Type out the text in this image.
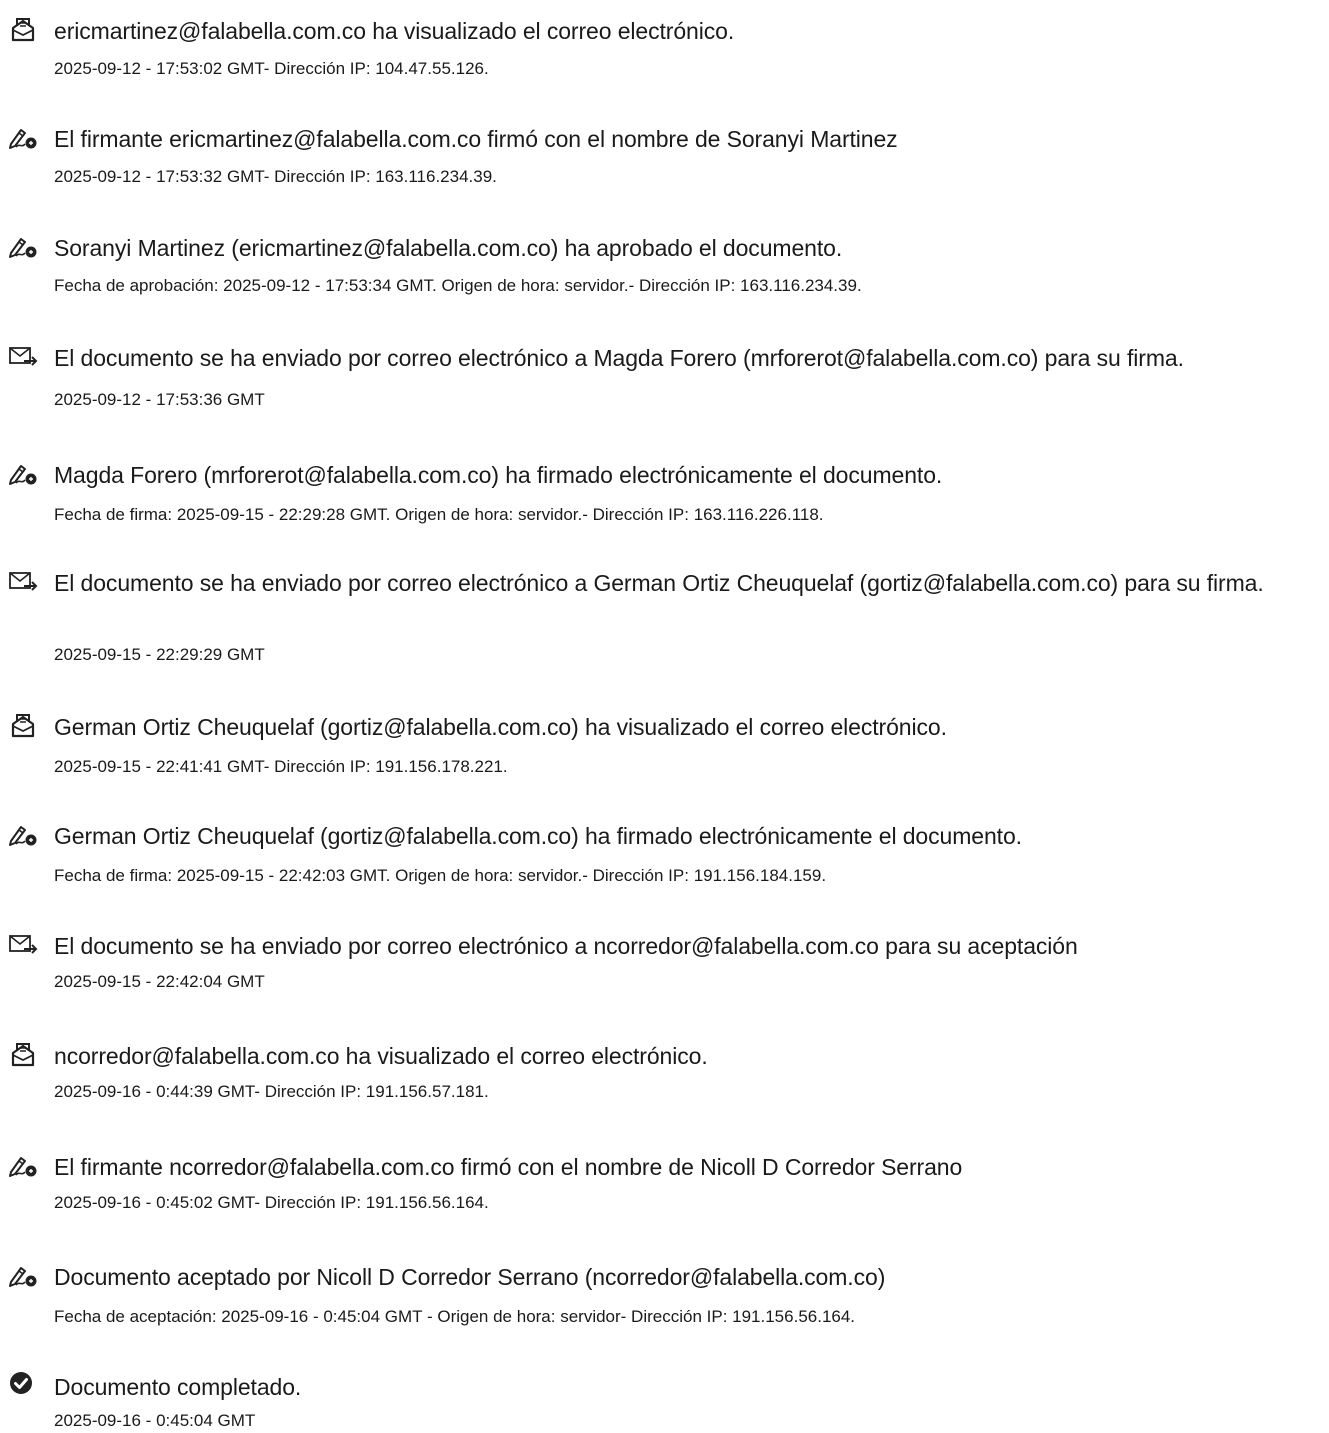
ericmartinez@falabella.com.co ha visualizado el correo electrónico.
2025-09-12 - 17:53:02 GMT- Dirección IP: 104.47.55.126.
El firmante ericmartinez@falabella.com.co firmó con el nombre de Soranyi Martinez
2025-09-12 - 17:53:32 GMT- Dirección IP: 163.116.234.39.
Soranyi Martinez (ericmartinez@falabella.com.co) ha aprobado el documento.
Fecha de aprobación: 2025-09-12 - 17:53:34 GMT. Origen de hora: servidor.- Dirección IP: 163.116.234.39.
El documento se ha enviado por correo electrónico a Magda Forero (mrforerot@falabella.com.co) para su firma.
2025-09-12 - 17:53:36 GMT
Magda Forero (mrforerot@falabella.com.co) ha firmado electrónicamente el documento.
Fecha de firma: 2025-09-15 - 22:29:28 GMT. Origen de hora: servidor.- Dirección IP: 163.116.226.118.
El documento se ha enviado por correo electrónico a German Ortiz Cheuquelaf (gortiz@falabella.com.co) para su firma.
2025-09-15 - 22:29:29 GMT
German Ortiz Cheuquelaf (gortiz@falabella.com.co) ha visualizado el correo electrónico.
2025-09-15 - 22:41:41 GMT- Dirección IP: 191.156.178.221.
German Ortiz Cheuquelaf (gortiz@falabella.com.co) ha firmado electrónicamente el documento.
Fecha de firma: 2025-09-15 - 22:42:03 GMT. Origen de hora: servidor.- Dirección IP: 191.156.184.159.
El documento se ha enviado por correo electrónico a ncorredor@falabella.com.co para su aceptación
2025-09-15 - 22:42:04 GMT
ncorredor@falabella.com.co ha visualizado el correo electrónico.
2025-09-16 - 0:44:39 GMT- Dirección IP: 191.156.57.181.
El firmante ncorredor@falabella.com.co firmó con el nombre de Nicoll D Corredor Serrano
2025-09-16 - 0:45:02 GMT- Dirección IP: 191.156.56.164.
Documento aceptado por Nicoll D Corredor Serrano (ncorredor@falabella.com.co)
Fecha de aceptación: 2025-09-16 - 0:45:04 GMT - Origen de hora: servidor- Dirección IP: 191.156.56.164.
Documento completado.
2025-09-16 - 0:45:04 GMT
